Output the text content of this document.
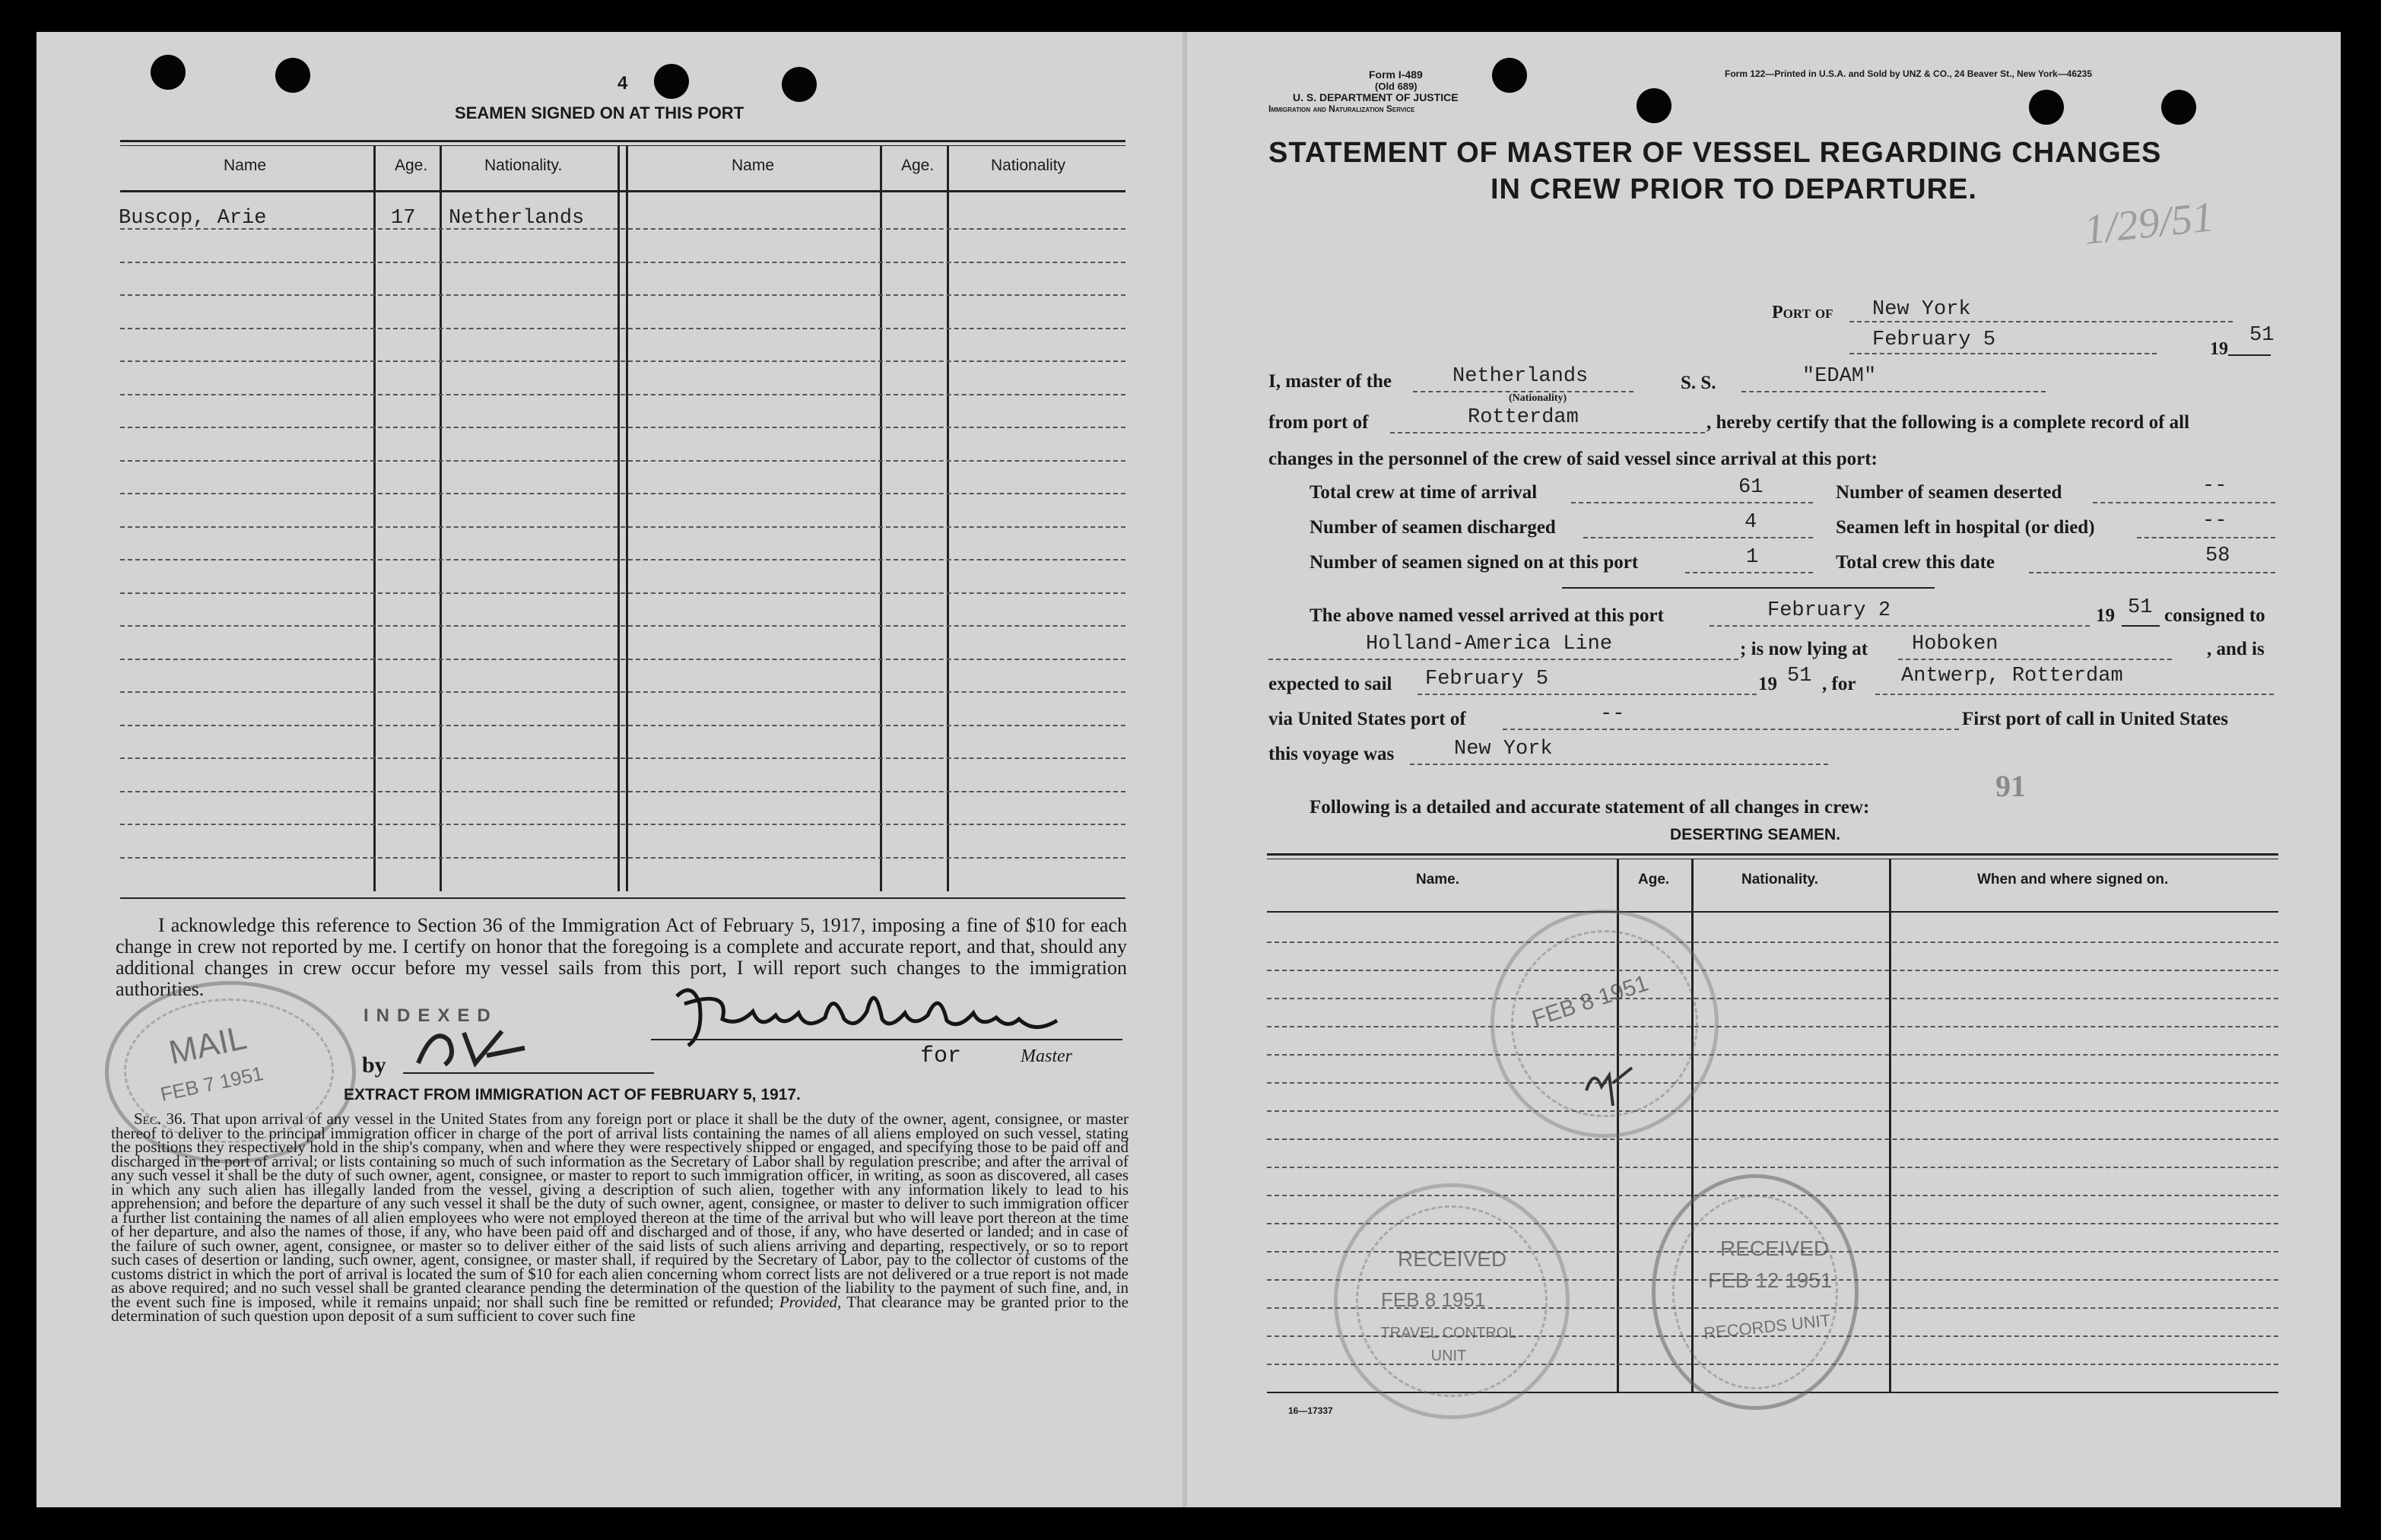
4
SEAMEN SIGNED ON AT THIS PORT
Name	Age.	Nationality.	Name	Age.	Nationality
Buscop, Arie	17 Netherlands
I acknowledge this reference to Section 36 of the Immigration Act of February 5, 1917, imposing a fine of $10 for each change in crew not reported by me. I certify on honor that the foregoing is a complete and accurate report, and that, should any additional changes in crew occur before my vessel sails from this port, I will report such changes to the immigration authorities.
MAIL
FEB 7 1951
INDEXED
by	for	Master
EXTRACT FROM IMMIGRATION ACT OF FEBRUARY 5, 1917.
Sec. 36. That upon arrival of any vessel in the United States from any foreign port or place it shall be the duty of the owner, agent, consignee, or master thereof to deliver to the principal immigration officer in charge of the port of arrival lists containing the names of all aliens employed on such vessel, stating the positions they respectively hold in the ship's company, when and where they were respectively shipped or engaged, and specifying those to be paid off and discharged in the port of arrival; or lists containing so much of such information as the Secretary of Labor shall by regulation prescribe; and after the arrival of any such vessel it shall be the duty of such owner, agent, consignee, or master to report to such immigration officer, in writing, as soon as discovered, all cases in which any such alien has illegally landed from the vessel, giving a description of such alien, together with any information likely to lead to his apprehension; and before the departure of any such vessel it shall be the duty of such owner, agent, consignee, or master to deliver to such immigration officer a further list containing the names of all alien employees who were not employed thereon at the time of the arrival but who will leave port thereon at the time of her departure, and also the names of those, if any, who have been paid off and discharged and of those, if any, who have deserted or landed; and in case of the failure of such owner, agent, consignee, or master so to deliver either of the said lists of such aliens arriving and departing, respectively, or so to report such cases of desertion or landing, such owner, agent, consignee, or master shall, if required by the Secretary of Labor, pay to the collector of customs of the customs district in which the port of arrival is located the sum of $10 for each alien concerning whom correct lists are not delivered or a true report is not made as above required; and no such vessel shall be granted clearance pending the determination of the question of the liability to the payment of such fine, and, in the event such fine is imposed, while it remains unpaid; nor shall such fine be remitted or refunded; Provided, That clearance may be granted prior to the determination of such question upon deposit of a sum sufficient to cover such fine
Form I-489
(Old 689)
U. S. DEPARTMENT OF JUSTICE
Immigration and Naturalization Service
Form 122—Printed in U.S.A. and Sold by UNZ & CO., 24 Beaver St., New York—46235
STATEMENT OF MASTER OF VESSEL REGARDING CHANGES
IN CREW PRIOR TO DEPARTURE.
1/29/51
Port of New York
February 5	19
51
I, master of the	Netherlands
(Nationality)
S. S.	"EDAM"
from port of	Rotterdam	, hereby certify that the following is a complete record of all
changes in the personnel of the crew of said vessel since arrival at this port:
Total crew at time of arrival	61	Number of seamen deserted	--
Number of seamen discharged	4	Seamen left in hospital (or died)	--
Number of seamen signed on at this port	1	Total crew this date	58
The above named vessel arrived at this port	February 2	19 51 consigned to
Holland-America Line	; is now lying at Hoboken	, and is
expected to sail February 5	19 51 , for Antwerp, Rotterdam
via United States port of	--	First port of call in United States
this voyage was	New York
91
Following is a detailed and accurate statement of all changes in crew:
DESERTING SEAMEN.
Name.	Age.	Nationality.	When and where signed on.
16—17337
FEB 8 1951
RECEIVED
FEB 8 1951
TRAVEL CONTROL UNIT
RECEIVED
FEB 12 1951
RECORDS UNIT
